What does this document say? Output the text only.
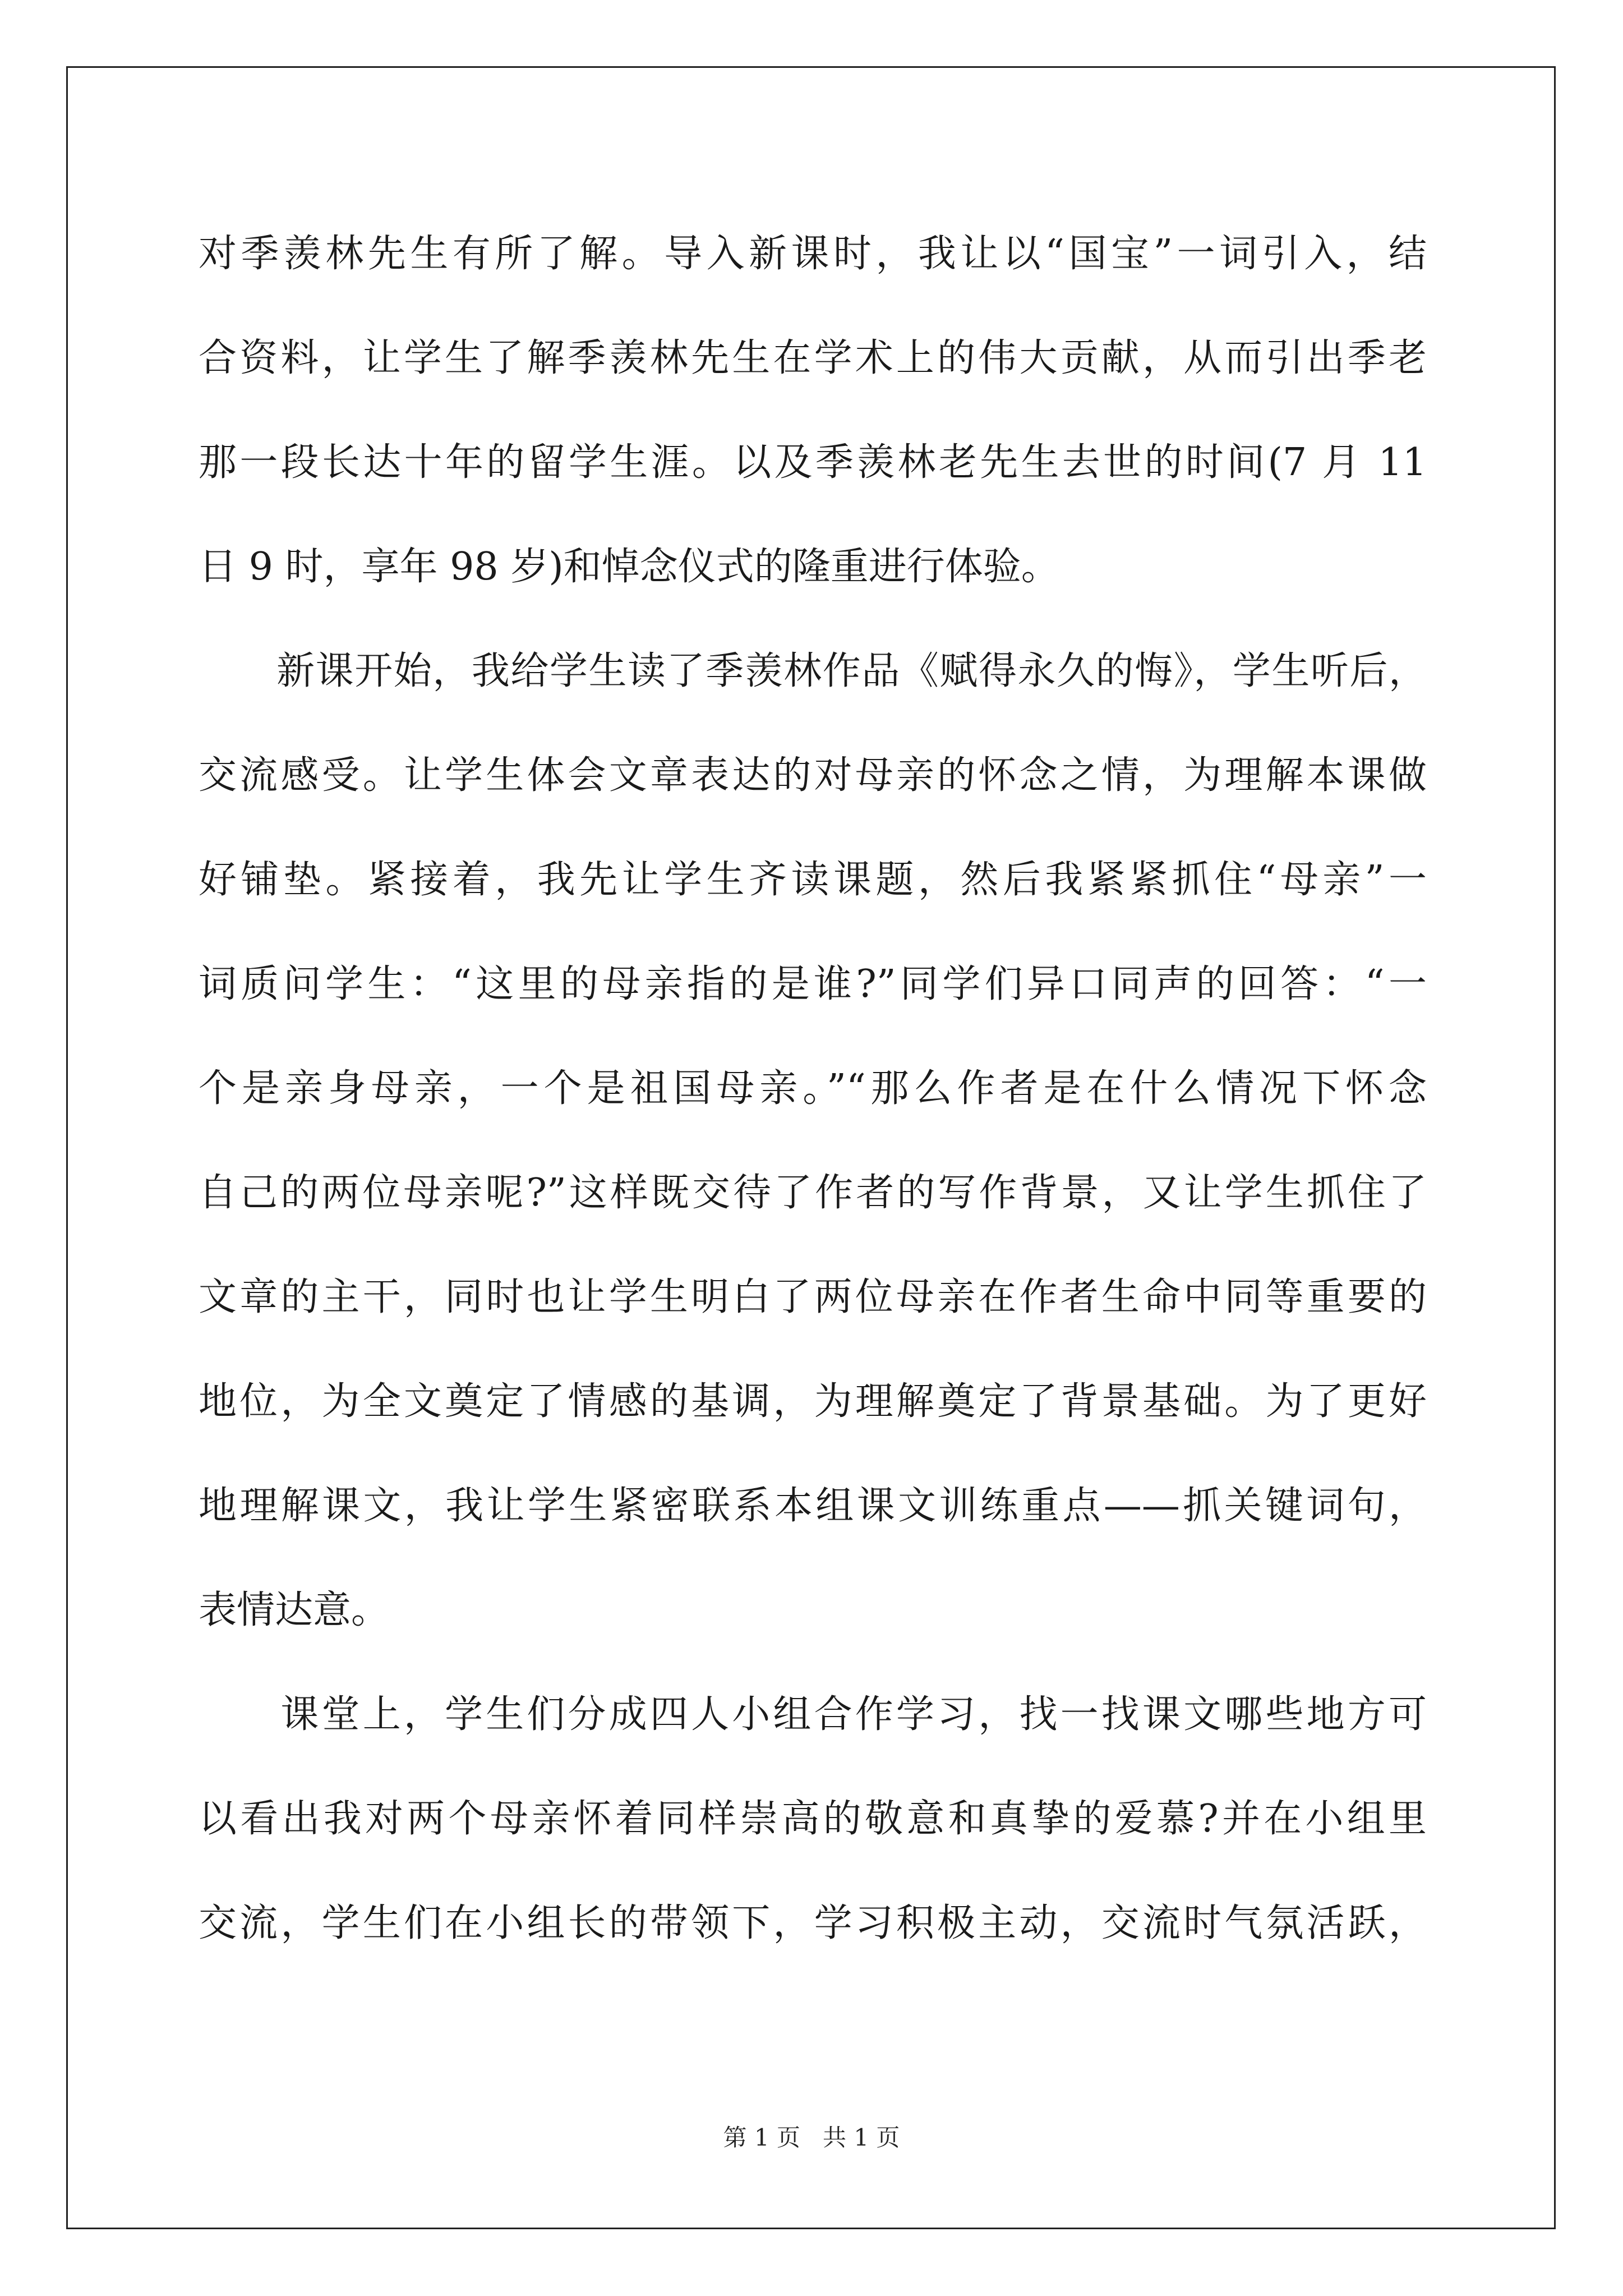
对季羡林先生有所了解。导入新课时，我让以“国宝”一词引入，结
合资料，让学生了解季羡林先生在学术上的伟大贡献，从而引出季老
那一段长达十年的留学生涯。以及季羡林老先生去世的时间(7 月 11
日 9 时，享年 98 岁)和悼念仪式的隆重进行体验。
　　新课开始，我给学生读了季羡林作品《赋得永久的悔》，学生听后，
交流感受。让学生体会文章表达的对母亲的怀念之情，为理解本课做
好铺垫。紧接着，我先让学生齐读课题，然后我紧紧抓住“母亲”一
词质问学生：“这里的母亲指的是谁?”同学们异口同声的回答：“一
个是亲身母亲，一个是祖国母亲。”“那么作者是在什么情况下怀念
自己的两位母亲呢?”这样既交待了作者的写作背景，又让学生抓住了
文章的主干，同时也让学生明白了两位母亲在作者生命中同等重要的
地位，为全文奠定了情感的基调，为理解奠定了背景基础。为了更好
地理解课文，我让学生紧密联系本组课文训练重点——抓关键词句，
表情达意。
　　课堂上，学生们分成四人小组合作学习，找一找课文哪些地方可
以看出我对两个母亲怀着同样崇高的敬意和真挚的爱慕?并在小组里
交流，学生们在小组长的带领下，学习积极主动，交流时气氛活跃，
第 1 页 共 1 页
